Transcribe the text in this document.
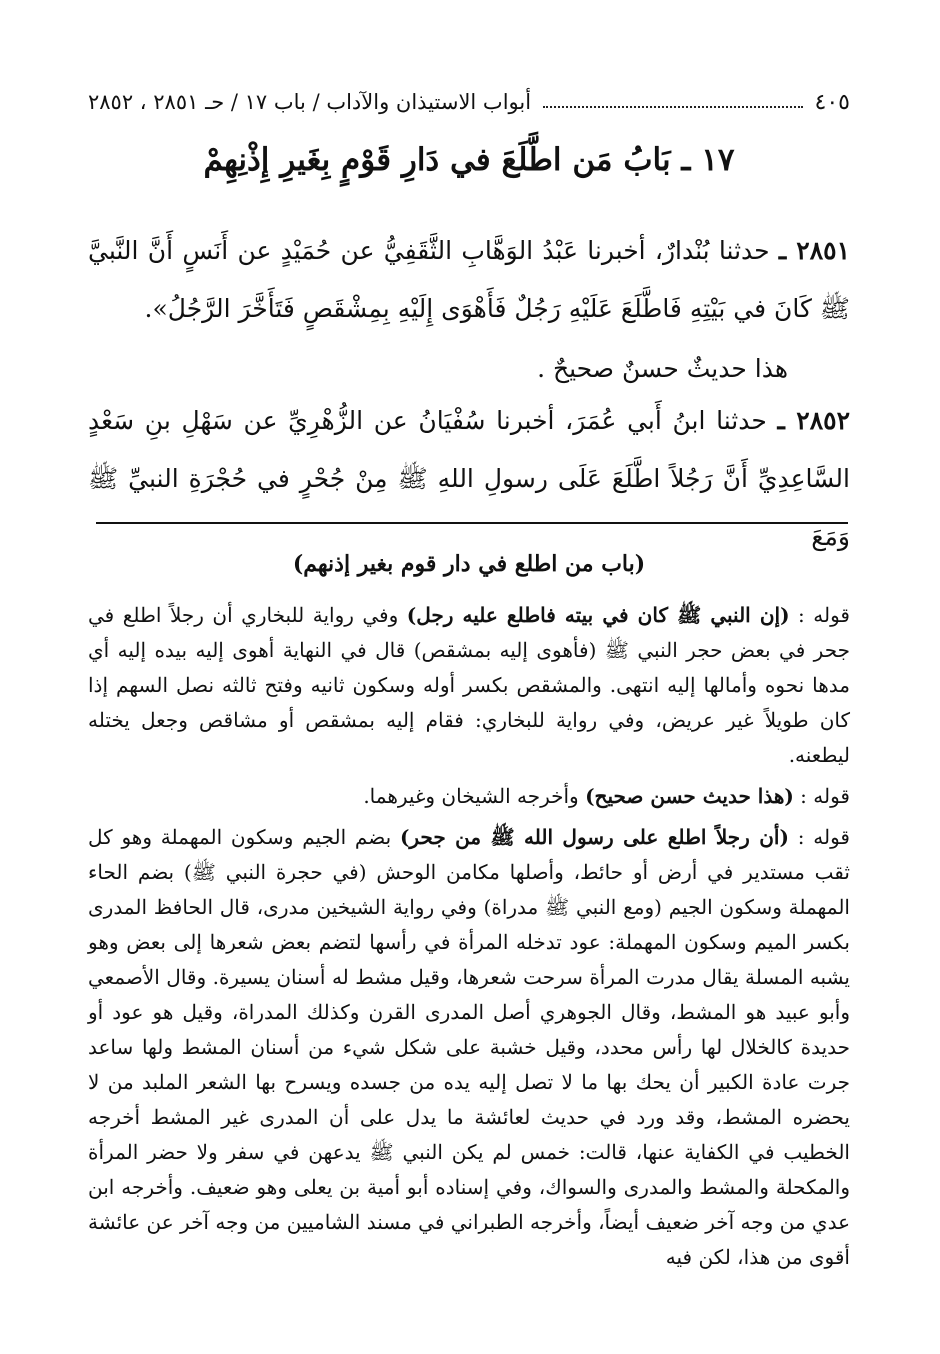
أبواب الاستيذان والآداب / باب ١٧ / حـ ٢٨٥١ ، ٢٨٥٢	٤٠٥
١٧ ـ بَابُ مَن اطَّلَعَ في دَارِ قَوْمٍ بِغَيرِ إِذْنِهِمْ
٢٨٥١ ـ حدثنا بُنْدارٌ، أخبرنا عَبْدُ الوَهَّابِ الثَّقَفِيُّ عن حُمَيْدٍ عن أَنَسٍ أَنَّ النَّبيَّ ﷺ كَانَ في بَيْتِهِ فَاطَّلَعَ عَلَيْهِ رَجُلٌ فَأَهْوَى إِلَيْهِ بِمِشْقَصٍ فَتَأَخَّرَ الرَّجُلُ».
هذا حديثٌ حسنٌ صحيحٌ .
٢٨٥٢ ـ حدثنا ابنُ أَبي عُمَرَ، أخبرنا سُفْيَانُ عن الزُّهْرِيِّ عن سَهْلِ بنِ سَعْدٍ السَّاعِدِيِّ أَنَّ رَجُلاً اطَّلَعَ عَلَى رسولِ اللهِ ﷺ مِنْ جُحْرٍ في حُجْرَةِ النبيِّ ﷺ وَمَعَ
(باب من اطلع في دار قوم بغير إذنهم)

قوله : (إن النبي ﷺ كان في بيته فاطلع عليه رجل) وفي رواية للبخاري أن رجلاً اطلع في جحر في بعض حجر النبي ﷺ (فأهوى إليه بمشقص) قال في النهاية أهوى إليه بيده إليه أي مدها نحوه وأمالها إليه انتهى. والمشقص بكسر أوله وسكون ثانيه وفتح ثالثه نصل السهم إذا كان طويلاً غير عريض، وفي رواية للبخاري: فقام إليه بمشقص أو مشاقص وجعل يختله ليطعنه.

قوله : (هذا حديث حسن صحيح) وأخرجه الشيخان وغيرهما.

قوله : (أن رجلاً اطلع على رسول الله ﷺ من جحر) بضم الجيم وسكون المهملة وهو كل ثقب مستدير في أرض أو حائط، وأصلها مكامن الوحش (في حجرة النبي ﷺ) بضم الحاء المهملة وسكون الجيم (ومع النبي ﷺ مدراة) وفي رواية الشيخين مدرى، قال الحافظ المدرى بكسر الميم وسكون المهملة: عود تدخله المرأة في رأسها لتضم بعض شعرها إلى بعض وهو يشبه المسلة يقال مدرت المرأة سرحت شعرها، وقيل مشط له أسنان يسيرة. وقال الأصمعي وأبو عبيد هو المشط، وقال الجوهري أصل المدرى القرن وكذلك المدراة، وقيل هو عود أو حديدة كالخلال لها رأس محدد، وقيل خشبة على شكل شيء من أسنان المشط ولها ساعد جرت عادة الكبير أن يحك بها ما لا تصل إليه يده من جسده ويسرح بها الشعر الملبد من لا يحضره المشط، وقد ورد في حديث لعائشة ما يدل على أن المدرى غير المشط أخرجه الخطيب في الكفاية عنها، قالت: خمس لم يكن النبي ﷺ يدعهن في سفر ولا حضر المرأة والمكحلة والمشط والمدرى والسواك، وفي إسناده أبو أمية بن يعلى وهو ضعيف. وأخرجه ابن عدي من وجه آخر ضعيف أيضاً، وأخرجه الطبراني في مسند الشاميين من وجه آخر عن عائشة أقوى من هذا، لكن فيه
